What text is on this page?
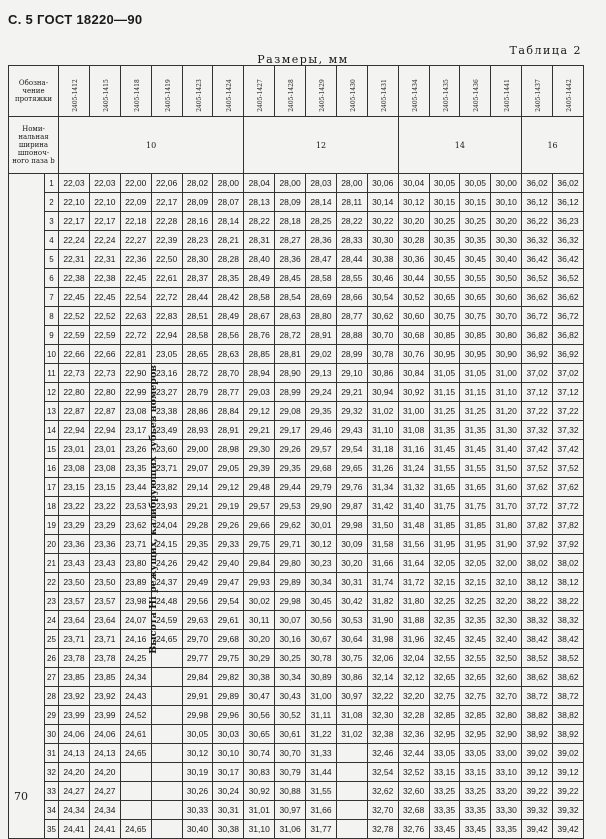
С. 5 ГОСТ 18220—90
Размеры, мм
Таблица 2
Обозна- чение протяжки		2405-1412	2405-1415	2405-1418	2405-1419	2405-1423	2405-1424	2405-1427	2405-1428	2405-1429	2405-1430	2405-1431	2405-1434	2405-1435	2405-1436	2405-1441	2405-1437	2405-1442
Номи- нальная ширина шпоноч- ного паза b		10						12					14				16	
Высота Hi режущих, калибрующих зубьев номеров	1	22,03	22,03	22,00	22,06	28,02	28,00	28,04	28,00	28,03	28,00	30,06	30,04	30,05	30,05	30,00	36,02	36,02
	2	22,10	22,10	22,09	22,17	28,09	28,07	28,13	28,09	28,14	28,11	30,14	30,12	30,15	30,15	30,10	36,12	36,12
	3	22,17	22,17	22,18	22,28	28,16	28,14	28,22	28,18	28,25	28,22	30,22	30,20	30,25	30,25	30,20	36,22	36,23
	4	22,24	22,24	22,27	22,39	28,23	28,21	28,31	28,27	28,36	28,33	30,30	30,28	30,35	30,35	30,30	36,32	36,32
	5	22,31	22,31	22,36	22,50	28,30	28,28	28,40	28,36	28,47	28,44	30,38	30,36	30,45	30,45	30,40	36,42	36,42
	6	22,38	22,38	22,45	22,61	28,37	28,35	28,49	28,45	28,58	28,55	30,46	30,44	30,55	30,55	30,50	36,52	36,52
	7	22,45	22,45	22,54	22,72	28,44	28,42	28,58	28,54	28,69	28,66	30,54	30,52	30,65	30,65	30,60	36,62	36,62
	8	22,52	22,52	22,63	22,83	28,51	28,49	28,67	28,63	28,80	28,77	30,62	30,60	30,75	30,75	30,70	36,72	36,72
	9	22,59	22,59	22,72	22,94	28,58	28,56	28,76	28,72	28,91	28,88	30,70	30,68	30,85	30,85	30,80	36,82	36,82
	10	22,66	22,66	22,81	23,05	28,65	28,63	28,85	28,81	29,02	28,99	30,78	30,76	30,95	30,95	30,90	36,92	36,92
	11	22,73	22,73	22,90	23,16	28,72	28,70	28,94	28,90	29,13	29,10	30,86	30,84	31,05	31,05	31,00	37,02	37,02
	12	22,80	22,80	22,99	23,27	28,79	28,77	29,03	28,99	29,24	29,21	30,94	30,92	31,15	31,15	31,10	37,12	37,12
	13	22,87	22,87	23,08	23,38	28,86	28,84	29,12	29,08	29,35	29,32	31,02	31,00	31,25	31,25	31,20	37,22	37,22
	14	22,94	22,94	23,17	23,49	28,93	28,91	29,21	29,17	29,46	29,43	31,10	31,08	31,35	31,35	31,30	37,32	37,32
	15	23,01	23,01	23,26	23,60	29,00	28,98	29,30	29,26	29,57	29,54	31,18	31,16	31,45	31,45	31,40	37,42	37,42
	16	23,08	23,08	23,35	23,71	29,07	29,05	29,39	29,35	29,68	29,65	31,26	31,24	31,55	31,55	31,50	37,52	37,52
	17	23,15	23,15	23,44	23,82	29,14	29,12	29,48	29,44	29,79	29,76	31,34	31,32	31,65	31,65	31,60	37,62	37,62
	18	23,22	23,22	23,53	23,93	29,21	29,19	29,57	29,53	29,90	29,87	31,42	31,40	31,75	31,75	31,70	37,72	37,72
	19	23,29	23,29	23,62	24,04	29,28	29,26	29,66	29,62	30,01	29,98	31,50	31,48	31,85	31,85	31,80	37,82	37,82
	20	23,36	23,36	23,71	24,15	29,35	29,33	29,75	29,71	30,12	30,09	31,58	31,56	31,95	31,95	31,90	37,92	37,92
	21	23,43	23,43	23,80	24,26	29,42	29,40	29,84	29,80	30,23	30,20	31,66	31,64	32,05	32,05	32,00	38,02	38,02
	22	23,50	23,50	23,89	24,37	29,49	29,47	29,93	29,89	30,34	30,31	31,74	31,72	32,15	32,15	32,10	38,12	38,12
	23	23,57	23,57	23,98	24,48	29,56	29,54	30,02	29,98	30,45	30,42	31,82	31,80	32,25	32,25	32,20	38,22	38,22
	24	23,64	23,64	24,07	24,59	29,63	29,61	30,11	30,07	30,56	30,53	31,90	31,88	32,35	32,35	32,30	38,32	38,32
	25	23,71	23,71	24,16	24,65	29,70	29,68	30,20	30,16	30,67	30,64	31,98	31,96	32,45	32,45	32,40	38,42	38,42
	26	23,78	23,78	24,25		29,77	29,75	30,29	30,25	30,78	30,75	32,06	32,04	32,55	32,55	32,50	38,52	38,52
	27	23,85	23,85	24,34		29,84	29,82	30,38	30,34	30,89	30,86	32,14	32,12	32,65	32,65	32,60	38,62	38,62
	28	23,92	23,92	24,43		29,91	29,89	30,47	30,43	31,00	30,97	32,22	32,20	32,75	32,75	32,70	38,72	38,72
	29	23,99	23,99	24,52		29,98	29,96	30,56	30,52	31,11	31,08	32,30	32,28	32,85	32,85	32,80	38,82	38,82
	30	24,06	24,06	24,61		30,05	30,03	30,65	30,61	31,22	31,02	32,38	32,36	32,95	32,95	32,90	38,92	38,92
	31	24,13	24,13	24,65		30,12	30,10	30,74	30,70	31,33		32,46	32,44	33,05	33,05	33,00	39,02	39,02
	32	24,20	24,20			30,19	30,17	30,83	30,79	31,44		32,54	32,52	33,15	33,15	33,10	39,12	39,12
	33	24,27	24,27			30,26	30,24	30,92	30,88	31,55		32,62	32,60	33,25	33,25	33,20	39,22	39,22
	34	24,34	24,34			30,33	30,31	31,01	30,97	31,66		32,70	32,68	33,35	33,35	33,30	39,32	39,32
	35	24,41	24,41	24,65		30,40	30,38	31,10	31,06	31,77		32,78	32,76	33,45	33,45	33,35	39,42	39,42
70
